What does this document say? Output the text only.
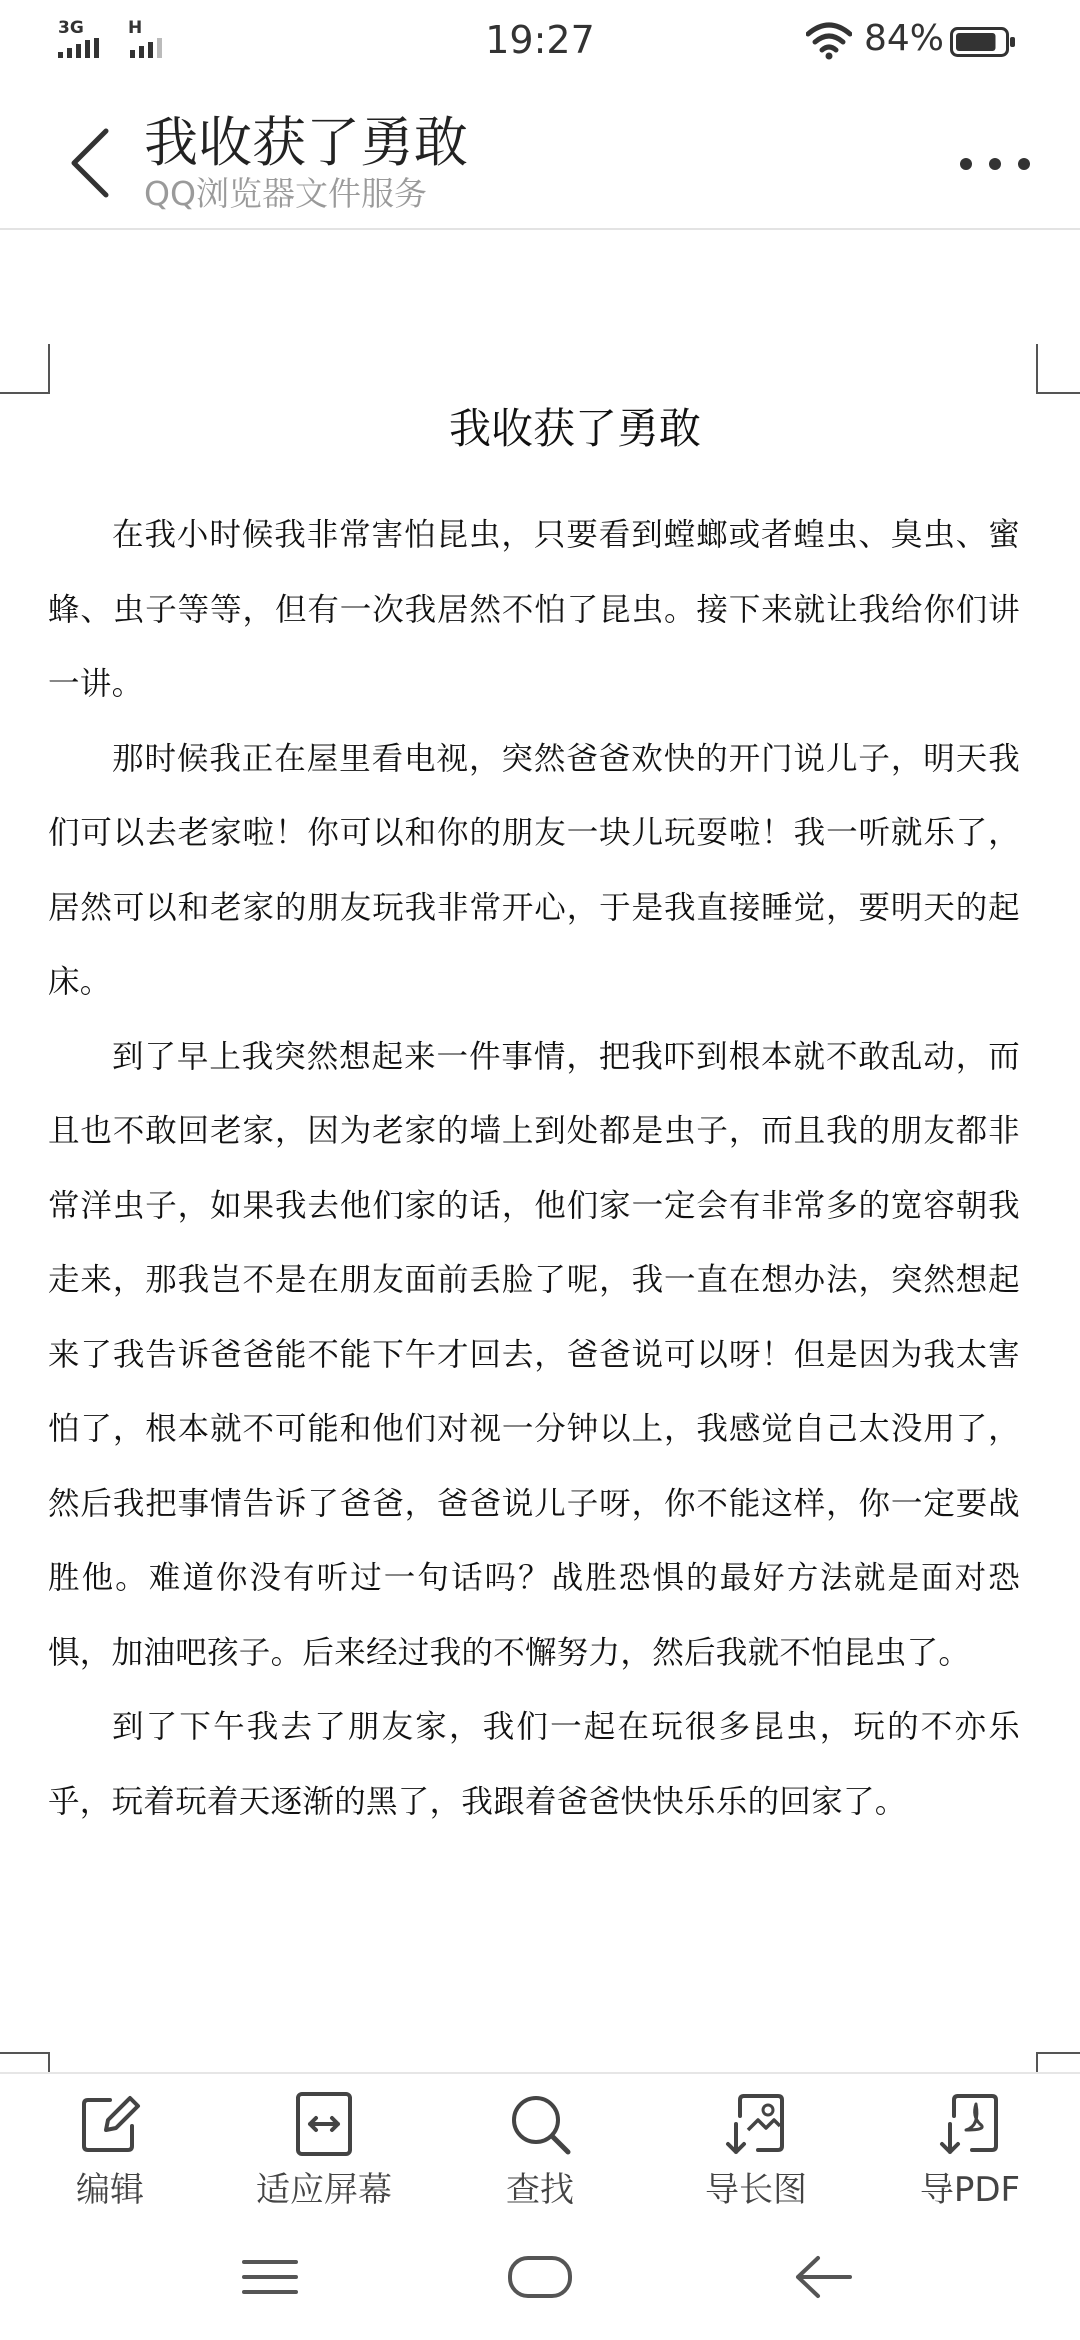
3G	H	19:27	84%
我收获了勇敢
QQ浏览器文件服务
我收获了勇敢

在我小时候我非常害怕昆虫，只要看到螳螂或者蝗虫、臭虫、蜜蜂、虫子等等，但有一次我居然不怕了昆虫。接下来就让我给你们讲一讲。

那时候我正在屋里看电视，突然爸爸欢快的开门说儿子，明天我们可以去老家啦！你可以和你的朋友一块儿玩耍啦！我一听就乐了，居然可以和老家的朋友玩我非常开心，于是我直接睡觉，要明天的起床。

到了早上我突然想起来一件事情，把我吓到根本就不敢乱动，而且也不敢回老家，因为老家的墙上到处都是虫子，而且我的朋友都非常洋虫子，如果我去他们家的话，他们家一定会有非常多的宽容朝我走来，那我岂不是在朋友面前丢脸了呢，我一直在想办法，突然想起来了我告诉爸爸能不能下午才回去，爸爸说可以呀！但是因为我太害怕了，根本就不可能和他们对视一分钟以上，我感觉自己太没用了，然后我把事情告诉了爸爸，爸爸说儿子呀，你不能这样，你一定要战胜他。难道你没有听过一句话吗？战胜恐惧的最好方法就是面对恐惧，加油吧孩子。后来经过我的不懈努力，然后我就不怕昆虫了。

到了下午我去了朋友家，我们一起在玩很多昆虫，玩的不亦乐乎，玩着玩着天逐渐的黑了，我跟着爸爸快快乐乐的回家了。

编辑	适应屏幕	查找	导长图	导PDF
